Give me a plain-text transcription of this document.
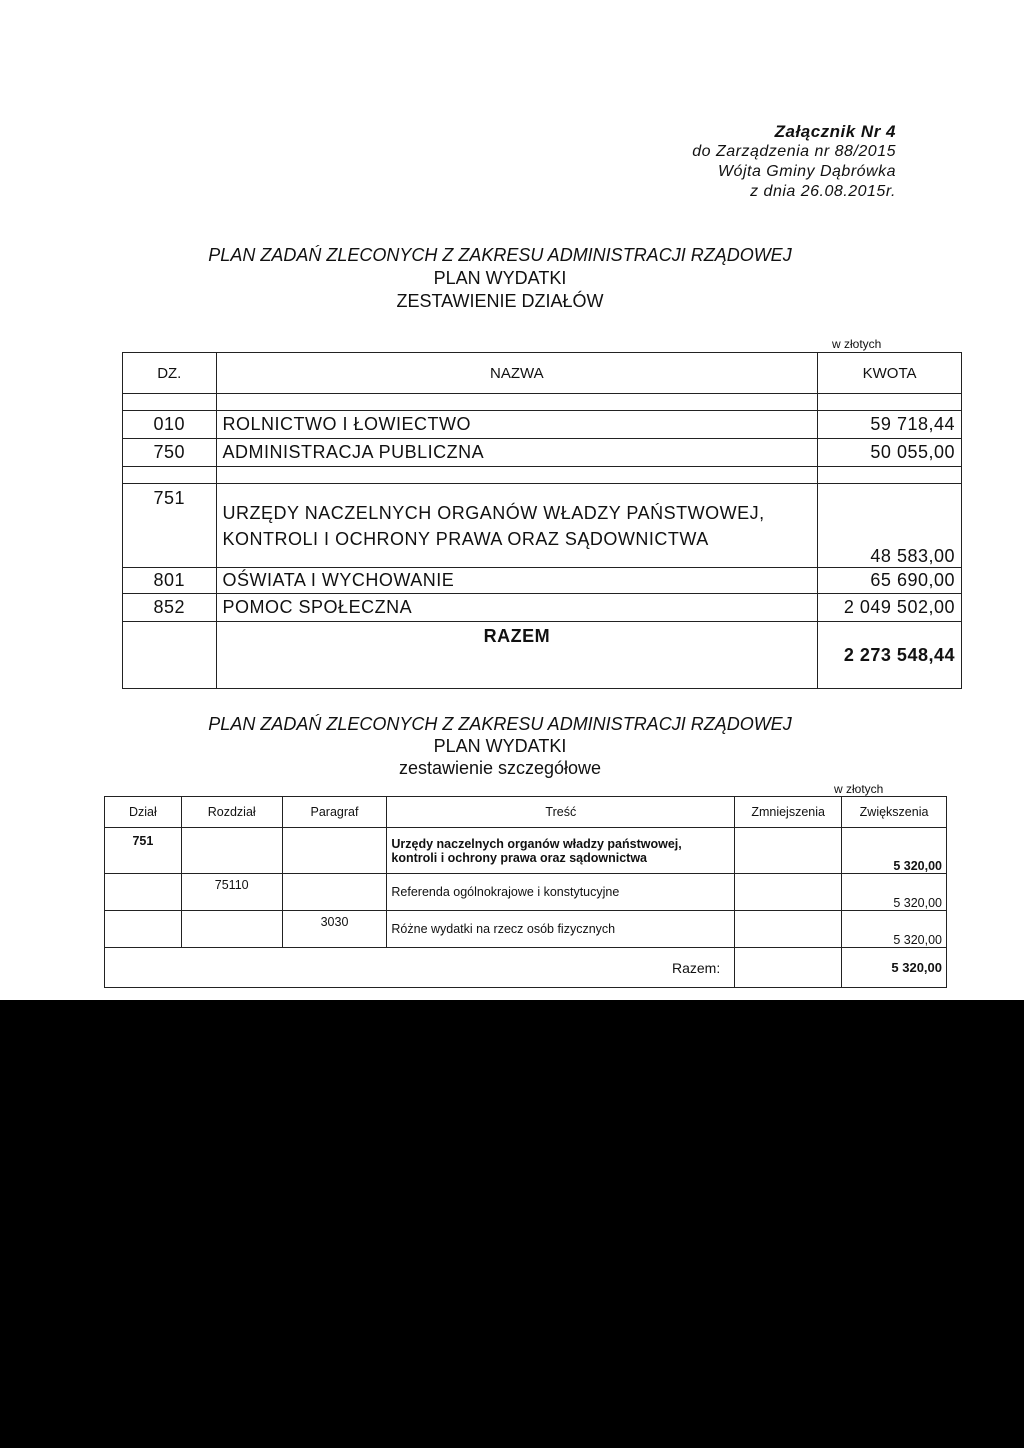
Załącznik Nr 4
do Zarządzenia nr 88/2015
Wójta Gminy Dąbrówka
z dnia 26.08.2015r.
PLAN ZADAŃ ZLECONYCH Z ZAKRESU ADMINISTRACJI RZĄDOWEJ
PLAN WYDATKI
ZESTAWIENIE DZIAŁÓW
w złotych
DZ.	NAZWA	KWOTA

010	ROLNICTWO I ŁOWIECTWO	59 718,44
750	ADMINISTRACJA PUBLICZNA	50 055,00

751	URZĘDY NACZELNYCH ORGANÓW WŁADZY PAŃSTWOWEJ, KONTROLI I OCHRONY PRAWA ORAZ SĄDOWNICTWA	48 583,00
801	OŚWIATA I WYCHOWANIE	65 690,00
852	POMOC SPOŁECZNA	2 049 502,00
	RAZEM	2 273 548,44
PLAN ZADAŃ ZLECONYCH Z ZAKRESU ADMINISTRACJI RZĄDOWEJ
PLAN WYDATKI
zestawienie szczegółowe
w złotych
Dział	Rozdział	Paragraf	Treść	Zmniejszenia	Zwiększenia
751			Urzędy naczelnych organów władzy państwowej, kontroli i ochrony prawa oraz sądownictwa		5 320,00
	75110		Referenda ogólnokrajowe i konstytucyjne		5 320,00
		3030	Różne wydatki na rzecz osób fizycznych		5 320,00
Razem:					5 320,00
